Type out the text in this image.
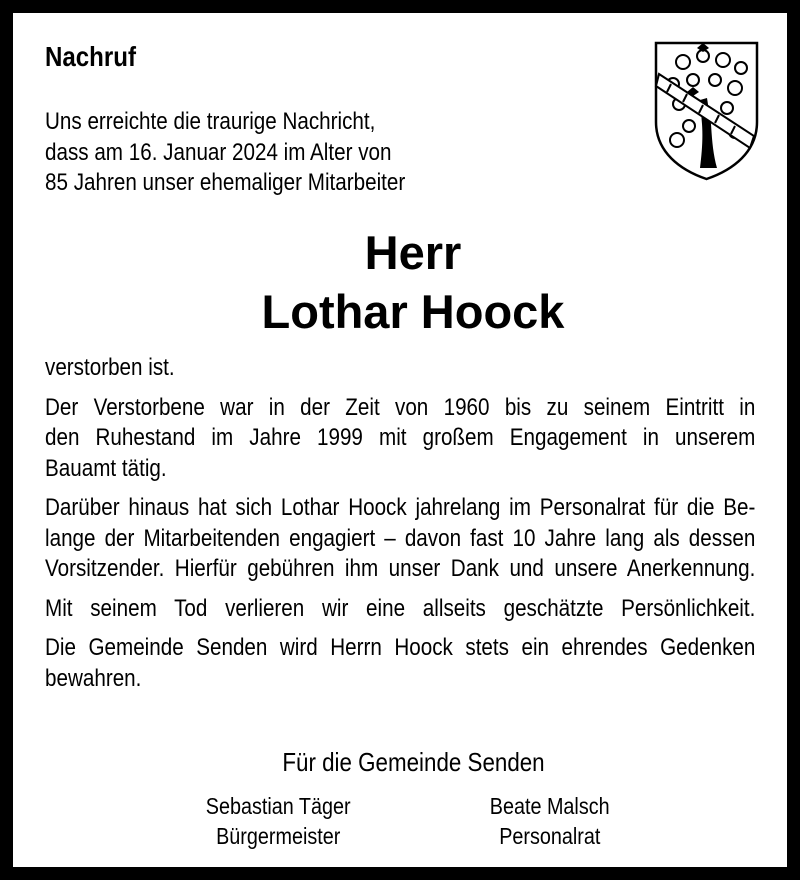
Nachruf
Uns erreichte die traurige Nachricht,
dass am 16. Januar 2024 im Alter von
85 Jahren unser ehemaliger Mitarbeiter
Herr
Lothar Hoock

verstorben ist.

Der Verstorbene war in der Zeit von 1960 bis zu seinem Eintritt in
den Ruhestand im Jahre 1999 mit großem Engagement in unserem
Bauamt tätig.

Darüber hinaus hat sich Lothar Hoock jahrelang im Personalrat für die Be-
lange der Mitarbeitenden engagiert – davon fast 10 Jahre lang als dessen
Vorsitzender. Hierfür gebühren ihm unser Dank und unsere Anerkennung.

Mit seinem Tod verlieren wir eine allseits geschätzte Persönlichkeit.

Die Gemeinde Senden wird Herrn Hoock stets ein ehrendes Gedenken
bewahren.

Für die Gemeinde Senden
Sebastian Täger
Bürgermeister
Beate Malsch
Personalrat
